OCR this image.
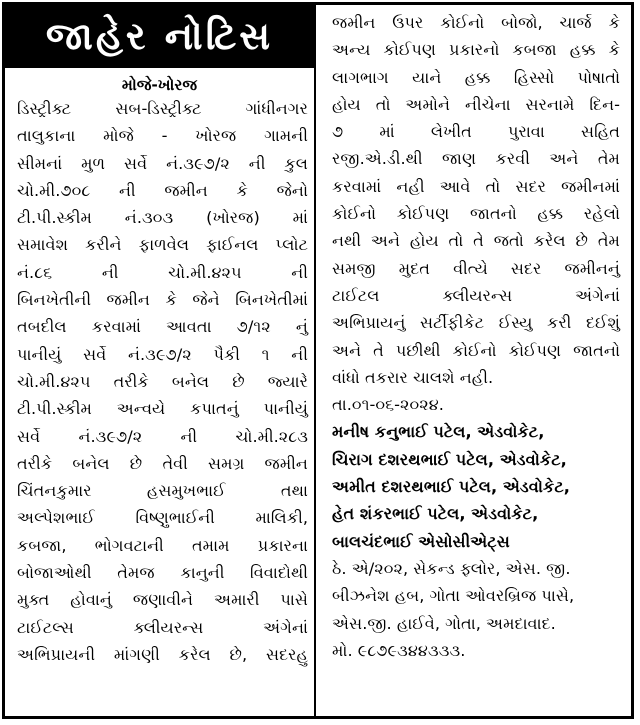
જાહેર નોટિસ
મોજે-ખોરજ
ડિસ્ટ્રીક્ટ સબ-ડિસ્ટ્રીક્ટ ગાંધીનગર
તાલુકાના મોજે - ખોરજ ગામની
સીમનાં મુળ સર્વે નં.૩૯૭/૨ ની કુલ
ચો.મી.૭૦૮ ની જમીન કે જેનો
ટી.પી.સ્કીમ નં.૩૦૩ (ખોરજ) માં
સમાવેશ કરીને ફાળવેલ ફાઈનલ પ્લોટ
નં.૮૬ ની ચો.મી.૪૨૫ ની
બિનખેતીની જમીન કે જેને બિનખેતીમાં
તબદીલ કરવામાં આવતા ૭/૧૨ નું
પાનીયું સર્વે નં.૩૯૭/૨ પૈકી ૧ ની
ચો.મી.૪૨૫ તરીકે બનેલ છે જ્યારે
ટી.પી.સ્કીમ અન્વયે કપાતનું પાનીયું
સર્વે નં.૩૯૭/૨ ની ચો.મી.૨૮૩
તરીકે બનેલ છે તેવી સમગ્ર જમીન
ચિંતનકુમાર હસમુખભાઈ તથા
અલ્પેશભાઈ વિષ્ણુભાઈની માલિકી,
કબજા, ભોગવટાની તમામ પ્રકારના
બોજાઓથી તેમજ કાનુની વિવાદોથી
મુક્ત હોવાનું જણાવીને અમારી પાસે
ટાઈટલ્સ ક્લીયરન્સ અંગેનાં
અભિપ્રાયની માંગણી કરેલ છે, સદરહુ
જમીન ઉપર કોઈનો બોજો, ચાર્જ કે
અન્ય કોઈપણ પ્રકારનો કબજા હક્ક કે
લાગભાગ યાને હક્ક હિસ્સો પોષાતો
હોય તો અમોને નીચેના સરનામે દિન-
૭ માં લેખીત પુરાવા સહિત
રજી.એ.ડી.થી જાણ કરવી અને તેમ
કરવામાં નહી આવે તો સદર જમીનમાં
કોઈનો કોઈપણ જાતનો હક્ક રહેલો
નથી અને હોય તો તે જતો કરેલ છે તેમ
સમજી મુદત વીત્યે સદર જમીનનું
ટાઈટલ ક્લીયરન્સ અંગેનાં
અભિપ્રાયનું સર્ટીફીકેટ ઈસ્યુ કરી દઈશું
અને તે પછીથી કોઈનો કોઈપણ જાતનો
વાંધો તકરાર ચાલશે નહી.
તા.૦૧-૦૬-૨૦૨૪.
મનીષ કનુભાઈ પટેલ, એડવોકેટ,
ચિરાગ દશરથભાઈ પટેલ, એડવોકેટ,
અમીત દશરથભાઈ પટેલ, એડવોકેટ,
હેત શંકરભાઈ પટેલ, એડવોકેટ,
બાલચંદભાઈ એસોસીએટ્સ
ઠે. એ/૨૦૨, સેકન્ડ ફ્લોર, એસ. જી.
બીઝનેશ હબ, ગોતા ઓવરબ્રિજ પાસે,
એસ.જી. હાઈવે, ગોતા, અમદાવાદ.
મો. ૯૮૭૯૩૪૪૩૩૩.
